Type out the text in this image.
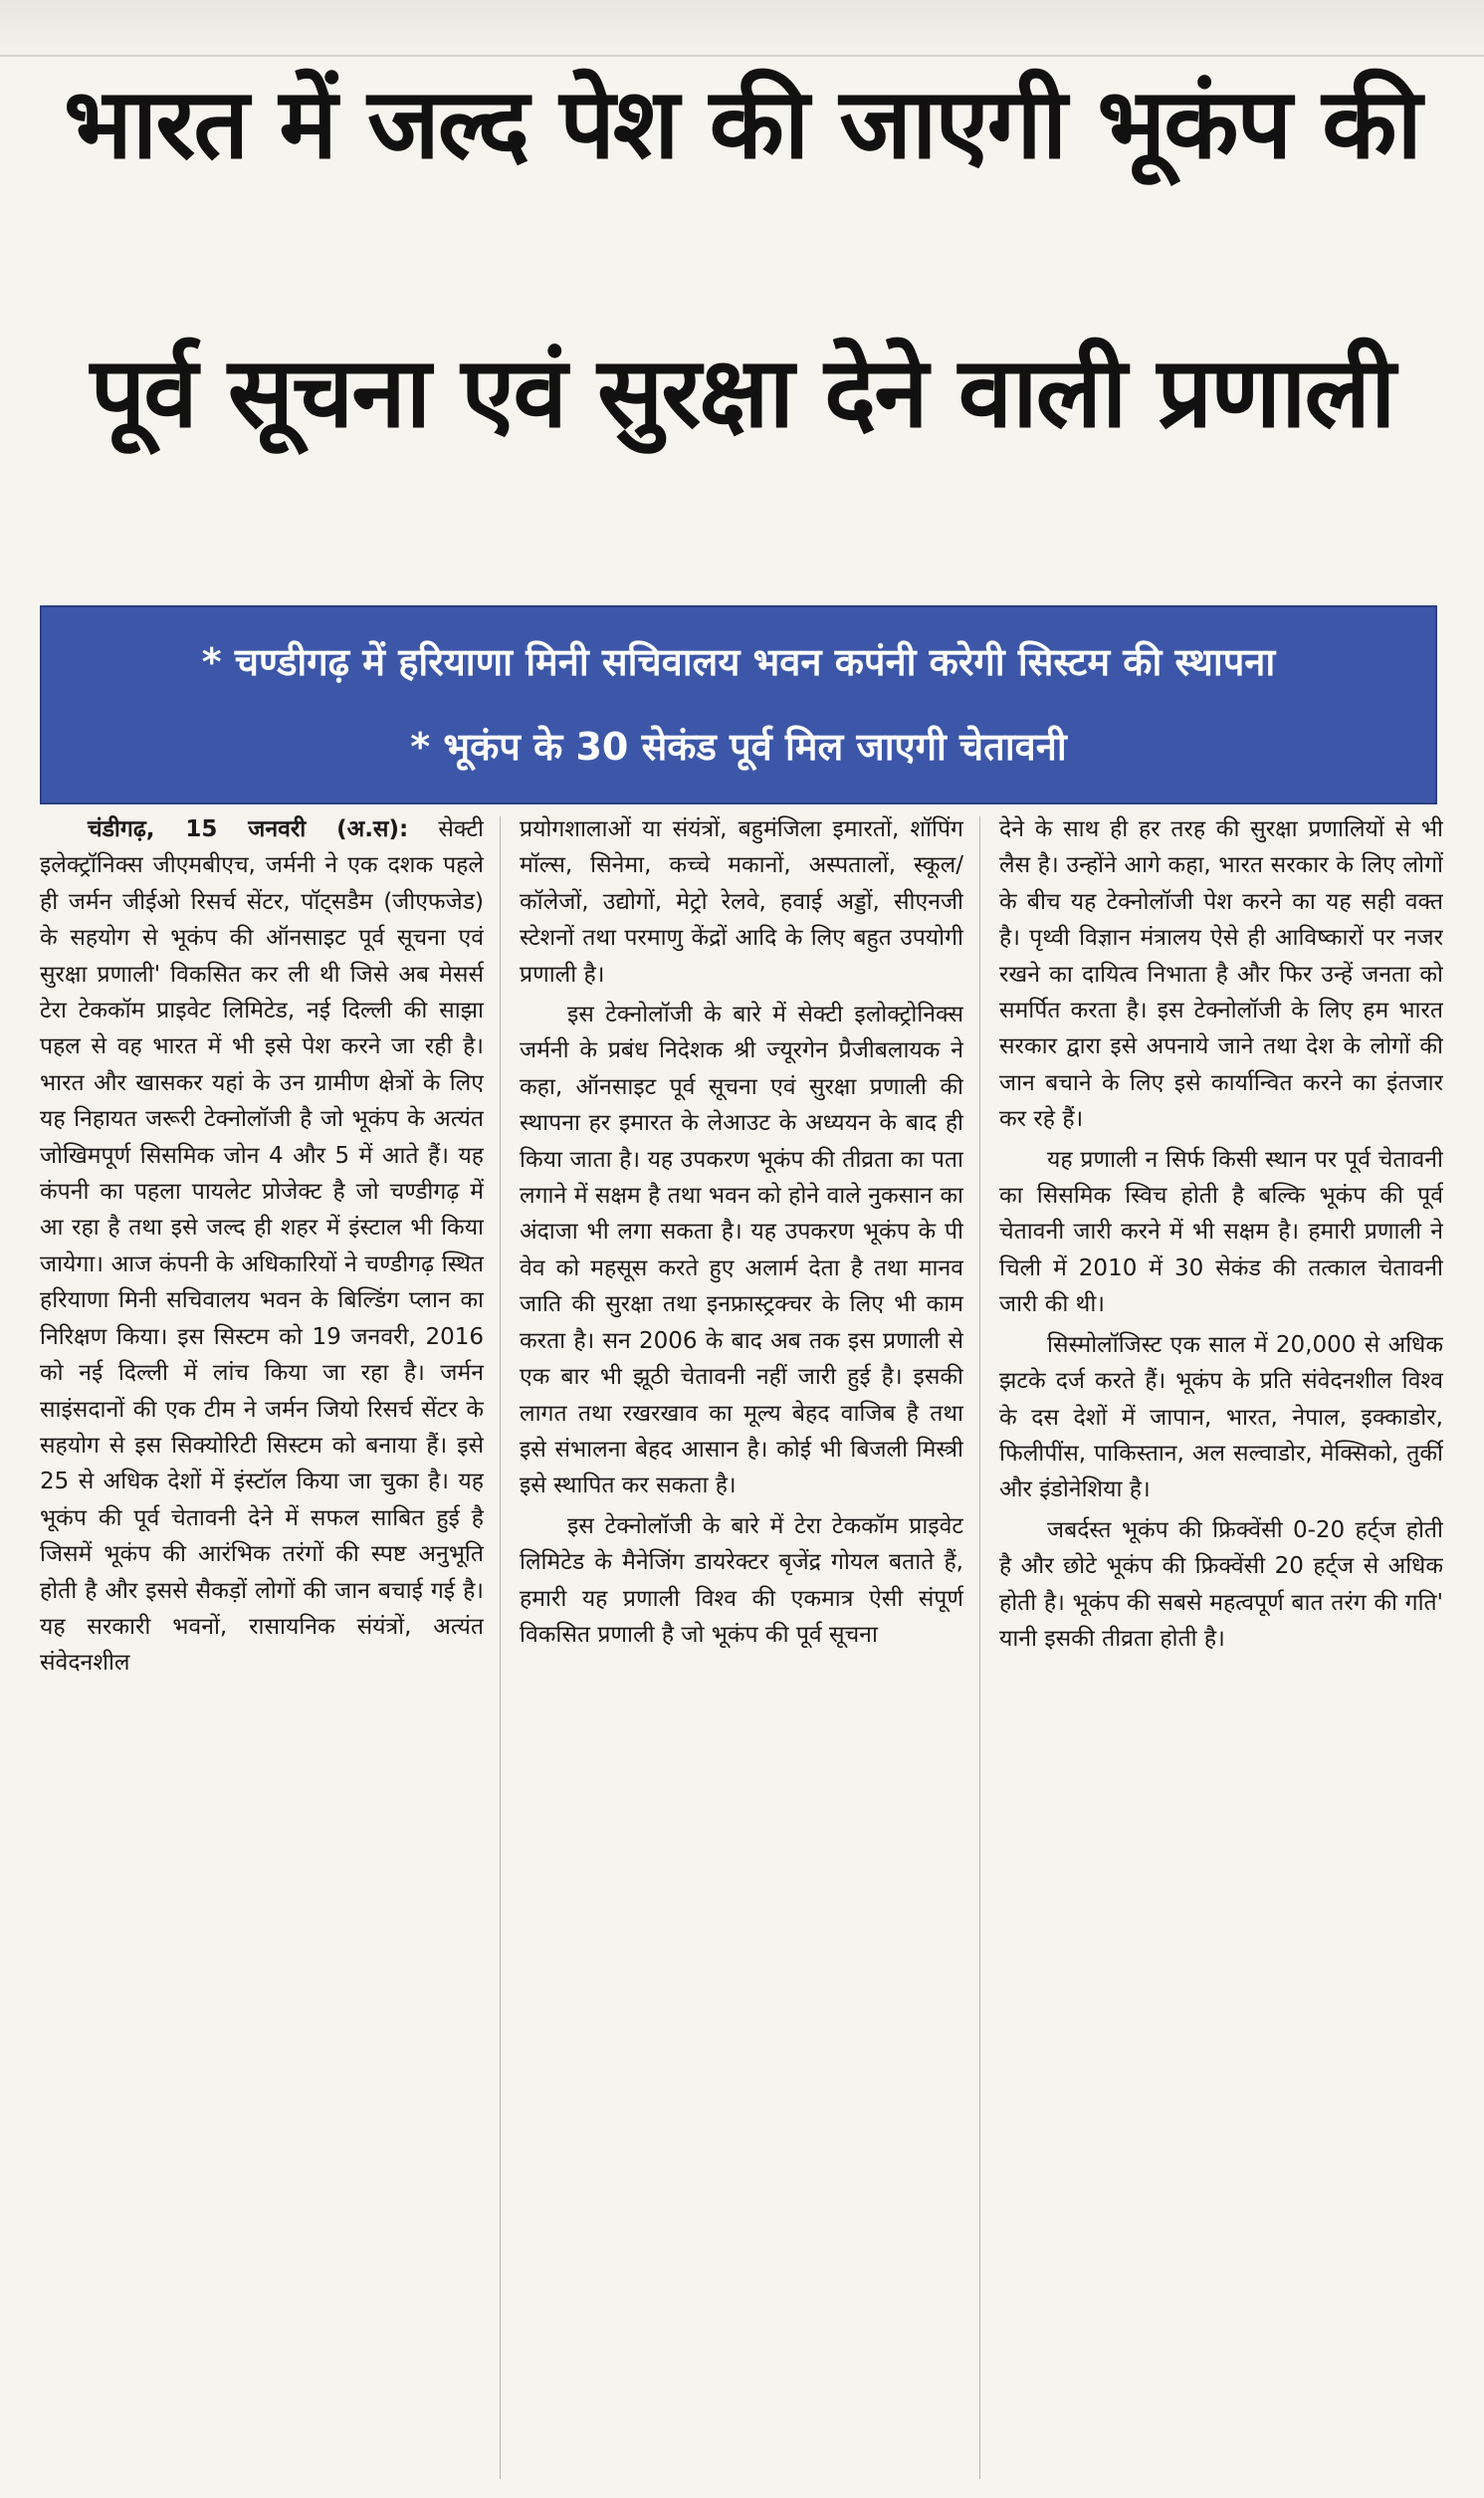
भारत में जल्द पेश की जाएगी भूकंप की
पूर्व सूचना एवं सुरक्षा देने वाली प्रणाली

* चण्डीगढ़ में हरियाणा मिनी सचिवालय भवन कपंनी करेगी सिस्टम की स्थापना

* भूकंप के 30 सेकंड पूर्व मिल जाएगी चेतावनी

चंडीगढ़, 15 जनवरी (अ.स): सेक्टी इलेक्ट्रॉनिक्स जीएमबीएच, जर्मनी ने एक दशक पहले ही जर्मन जीईओ रिसर्च सेंटर, पॉट्सडैम (जीएफजेड) के सहयोग से भूकंप की ऑनसाइट पूर्व सूचना एवं सुरक्षा प्रणाली' विकसित कर ली थी जिसे अब मेसर्स टेरा टेककॉम प्राइवेट लिमिटेड, नई दिल्ली की साझा पहल से वह भारत में भी इसे पेश करने जा रही है। भारत और खासकर यहां के उन ग्रामीण क्षेत्रों के लिए यह निहायत जरूरी टेक्नोलॉजी है जो भूकंप के अत्यंत जोखिमपूर्ण सिसमिक जोन 4 और 5 में आते हैं। यह कंपनी का पहला पायलेट प्रोजेक्ट है जो चण्डीगढ़ में आ रहा है तथा इसे जल्द ही शहर में इंस्टाल भी किया जायेगा। आज कंपनी के अधिकारियों ने चण्डीगढ़ स्थित हरियाणा मिनी सचिवालय भवन के बिल्डिंग प्लान का निरिक्षण किया। इस सिस्टम को 19 जनवरी, 2016 को नई दिल्ली में लांच किया जा रहा है। जर्मन साइंसदानों की एक टीम ने जर्मन जियो रिसर्च सेंटर के सहयोग से इस सिक्योरिटी सिस्टम को बनाया हैं। इसे 25 से अधिक देशों में इंस्टॉल किया जा चुका है। यह भूकंप की पूर्व चेतावनी देने में सफल साबित हुई है जिसमें भूकंप की आरंभिक तरंगों की स्पष्ट अनुभूति होती है और इससे सैकड़ों लोगों की जान बचाई गई है। यह सरकारी भवनों, रासायनिक संयंत्रों, अत्यंत संवेदनशील

प्रयोगशालाओं या संयंत्रों, बहुमंजिला इमारतों, शॉपिंग मॉल्स, सिनेमा, कच्चे मकानों, अस्पतालों, स्कूल/कॉलेजों, उद्योगों, मेट्रो रेलवे, हवाई अड्डों, सीएनजी स्टेशनों तथा परमाणु केंद्रों आदि के लिए बहुत उपयोगी प्रणाली है।

इस टेक्नोलॉजी के बारे में सेक्टी इलोक्ट्रोनिक्स जर्मनी के प्रबंध निदेशक श्री ज्यूरगेन प्रैजीबलायक ने कहा, ऑनसाइट पूर्व सूचना एवं सुरक्षा प्रणाली की स्थापना हर इमारत के लेआउट के अध्ययन के बाद ही किया जाता है। यह उपकरण भूकंप की तीव्रता का पता लगाने में सक्षम है तथा भवन को होने वाले नुकसान का अंदाजा भी लगा सकता है। यह उपकरण भूकंप के पी वेव को महसूस करते हुए अलार्म देता है तथा मानव जाति की सुरक्षा तथा इनफ्रास्ट्रक्चर के लिए भी काम करता है। सन 2006 के बाद अब तक इस प्रणाली से एक बार भी झूठी चेतावनी नहीं जारी हुई है। इसकी लागत तथा रखरखाव का मूल्य बेहद वाजिब है तथा इसे संभालना बेहद आसान है। कोई भी बिजली मिस्त्री इसे स्थापित कर सकता है।

इस टेक्नोलॉजी के बारे में टेरा टेककॉम प्राइवेट लिमिटेड के मैनेजिंग डायरेक्टर बृजेंद्र गोयल बताते हैं, हमारी यह प्रणाली विश्व की एकमात्र ऐसी संपूर्ण विकसित प्रणाली है जो भूकंप की पूर्व सूचना

देने के साथ ही हर तरह की सुरक्षा प्रणालियों से भी लैस है। उन्होंने आगे कहा, भारत सरकार के लिए लोगों के बीच यह टेक्नोलॉजी पेश करने का यह सही वक्त है। पृथ्वी विज्ञान मंत्रालय ऐसे ही आविष्कारों पर नजर रखने का दायित्व निभाता है और फिर उन्हें जनता को समर्पित करता है। इस टेक्नोलॉजी के लिए हम भारत सरकार द्वारा इसे अपनाये जाने तथा देश के लोगों की जान बचाने के लिए इसे कार्यान्वित करने का इंतजार कर रहे हैं।

यह प्रणाली न सिर्फ किसी स्थान पर पूर्व चेतावनी का सिसमिक स्विच होती है बल्कि भूकंप की पूर्व चेतावनी जारी करने में भी सक्षम है। हमारी प्रणाली ने चिली में 2010 में 30 सेकंड की तत्काल चेतावनी जारी की थी।

सिस्मोलॉजिस्ट एक साल में 20,000 से अधिक झटके दर्ज करते हैं। भूकंप के प्रति संवेदनशील विश्व के दस देशों में जापान, भारत, नेपाल, इक्काडोर, फिलीपींस, पाकिस्तान, अल सल्वाडोर, मेक्सिको, तुर्की और इंडोनेशिया है।

जबर्दस्त भूकंप की फ्रिक्वेंसी 0-20 हर्ट्ज होती है और छोटे भूकंप की फ्रिक्वेंसी 20 हर्ट्ज से अधिक होती है। भूकंप की सबसे महत्वपूर्ण बात तरंग की गति' यानी इसकी तीव्रता होती है।
